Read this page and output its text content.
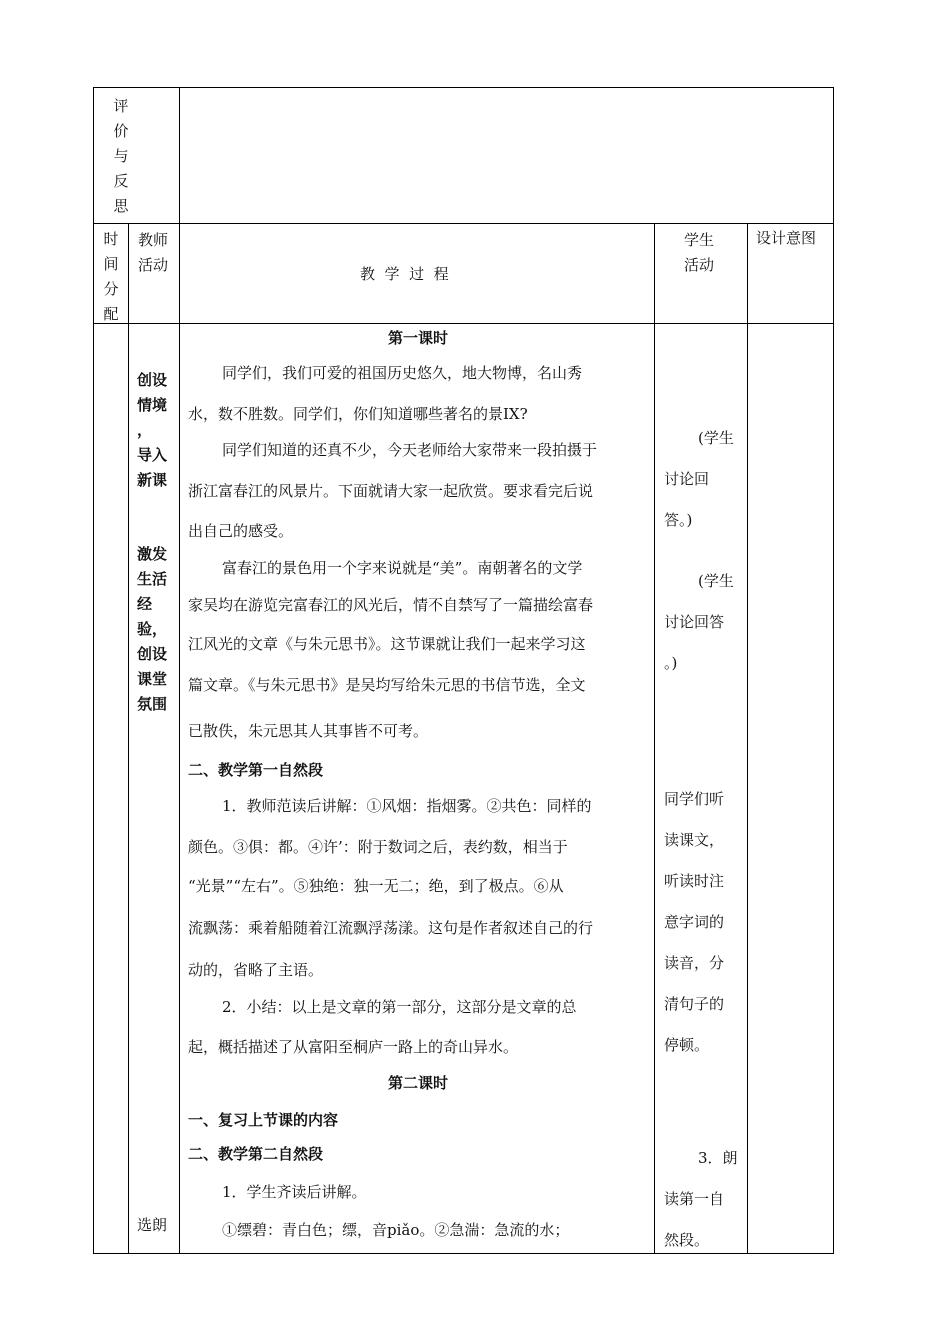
评
价
与
反
思
时
间
分
配
教师
活动	教  学  过  程
学生
活动
设计意图
创设
情境
，
导入
新课
激发
生活
经
验，
创设
课堂
氛围
选朗
第一课时
同学们，我们可爱的祖国历史悠久，地大物博，名山秀
水，数不胜数。同学们，你们知道哪些著名的景IX?
同学们知道的还真不少，今天老师给大家带来一段拍摄于
浙江富春江的风景片。下面就请大家一起欣赏。要求看完后说
出自己的感受。
富春江的景色用一个字来说就是“美”。南朝著名的文学
家吴均在游览完富春江的风光后，情不自禁写了一篇描绘富春
江风光的文章《与朱元思书》。这节课就让我们一起来学习这
篇文章。《与朱元思书》是吴均写给朱元思的书信节选，全文
已散佚，朱元思其人其事皆不可考。
二、教学第一自然段
1．教师范读后讲解：①风烟：指烟雾。②共色：同样的
颜色。③俱：都。④许’：附于数词之后，表约数，相当于
“光景”“左右”。⑤独绝：独一无二；绝，到了极点。⑥从
流飘荡：乘着船随着江流飘浮荡漾。这句是作者叙述自己的行
动的，省略了主语。
2．小结：以上是文章的第一部分，这部分是文章的总
起，概括描述了从富阳至桐庐一路上的奇山异水。
第二课时
一、复习上节课的内容
二、教学第二自然段
1．学生齐读后讲解。
①缥碧：青白色；缥，音piǎo。②急湍：急流的水；
(学生
讨论回
答。)
(学生
讨论回答
。)
同学们听
读课文，
听读时注
意字词的
读音，分
清句子的
停顿。
3．朗
读第一自
然段。
